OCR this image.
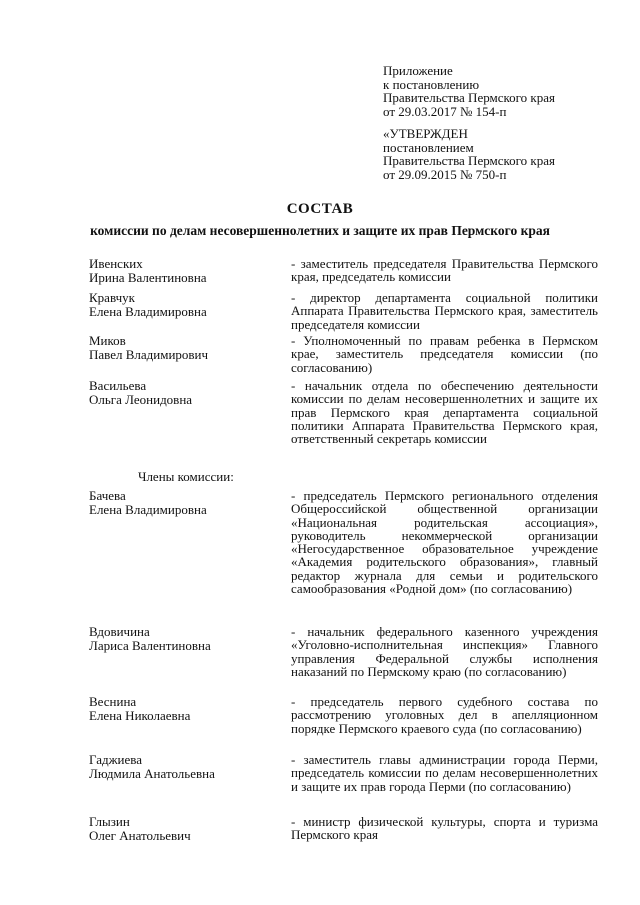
Приложение
к постановлению
Правительства Пермского края
от 29.03.2017 № 154-п
«УТВЕРЖДЕН
постановлением
Правительства Пермского края
от 29.09.2015 № 750-п
СОСТАВ
комиссии по делам несовершеннолетних и защите их прав Пермского края
Ивенских
Ирина Валентиновна
- заместитель председателя Правительства Пермского края, председатель комиссии
Кравчук
Елена Владимировна
- директор департамента социальной политики Аппарата Правительства Пермского края, заместитель председателя комиссии
Миков
Павел Владимирович
- Уполномоченный по правам ребенка в Пермском крае, заместитель председателя комиссии (по согласованию)
Васильева
Ольга Леонидовна
- начальник отдела по обеспечению деятельности комиссии по делам несовершеннолетних и защите их прав Пермского края департамента социальной политики Аппарата Правительства Пермского края, ответственный секретарь комиссии
Члены комиссии:
Бачева
Елена Владимировна
- председатель Пермского регионального отделения Общероссийской общественной организации «Национальная родительская ассоциация», руководитель некоммерческой организации «Негосударственное образовательное учреждение «Академия родительского образования», главный редактор журнала для семьи и родительского самообразования «Родной дом» (по согласованию)
Вдовичина
Лариса Валентиновна
- начальник федерального казенного учреждения «Уголовно-исполнительная инспекция» Главного управления Федеральной службы исполнения наказаний по Пермскому краю (по согласованию)
Веснина
Елена Николаевна
- председатель первого судебного состава по рассмотрению уголовных дел в апелляционном порядке Пермского краевого суда (по согласованию)
Гаджиева
Людмила Анатольевна
- заместитель главы администрации города Перми, председатель комиссии по делам несовершеннолетних и защите их прав города Перми (по согласованию)
Глызин
Олег Анатольевич
- министр физической культуры, спорта и туризма Пермского края
